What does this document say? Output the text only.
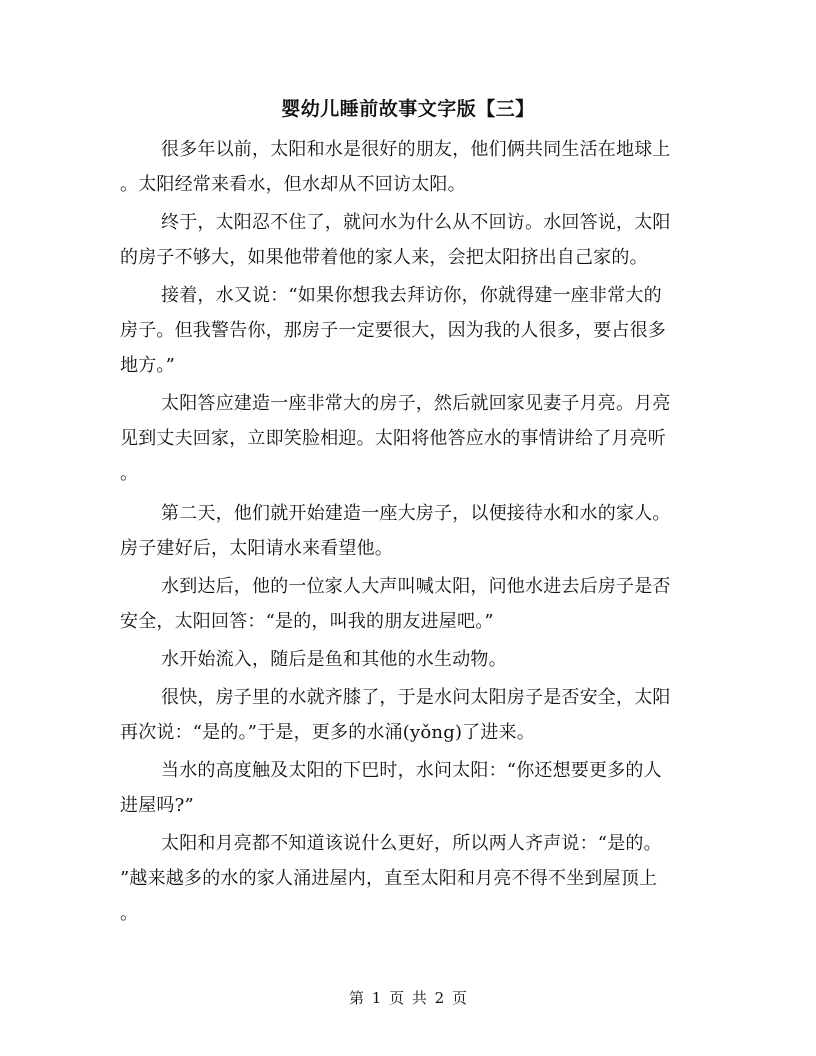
婴幼儿睡前故事文字版【三】

很多年以前，太阳和水是很好的朋友，他们俩共同生活在地球上

。太阳经常来看水，但水却从不回访太阳。

终于，太阳忍不住了，就问水为什么从不回访。水回答说，太阳

的房子不够大，如果他带着他的家人来，会把太阳挤出自己家的。

接着，水又说：“如果你想我去拜访你，你就得建一座非常大的

房子。但我警告你，那房子一定要很大，因为我的人很多，要占很多

地方。”

太阳答应建造一座非常大的房子，然后就回家见妻子月亮。月亮

见到丈夫回家，立即笑脸相迎。太阳将他答应水的事情讲给了月亮听

。

第二天，他们就开始建造一座大房子，以便接待水和水的家人。

房子建好后，太阳请水来看望他。

水到达后，他的一位家人大声叫喊太阳，问他水进去后房子是否

安全，太阳回答：“是的，叫我的朋友进屋吧。”

水开始流入，随后是鱼和其他的水生动物。

很快，房子里的水就齐膝了，于是水问太阳房子是否安全，太阳

再次说：“是的。”于是，更多的水涌(yǒng)了进来。

当水的高度触及太阳的下巴时，水问太阳：“你还想要更多的人

进屋吗?”

太阳和月亮都不知道该说什么更好，所以两人齐声说：“是的。

”越来越多的水的家人涌进屋内，直至太阳和月亮不得不坐到屋顶上

。

第 1 页 共 2 页
